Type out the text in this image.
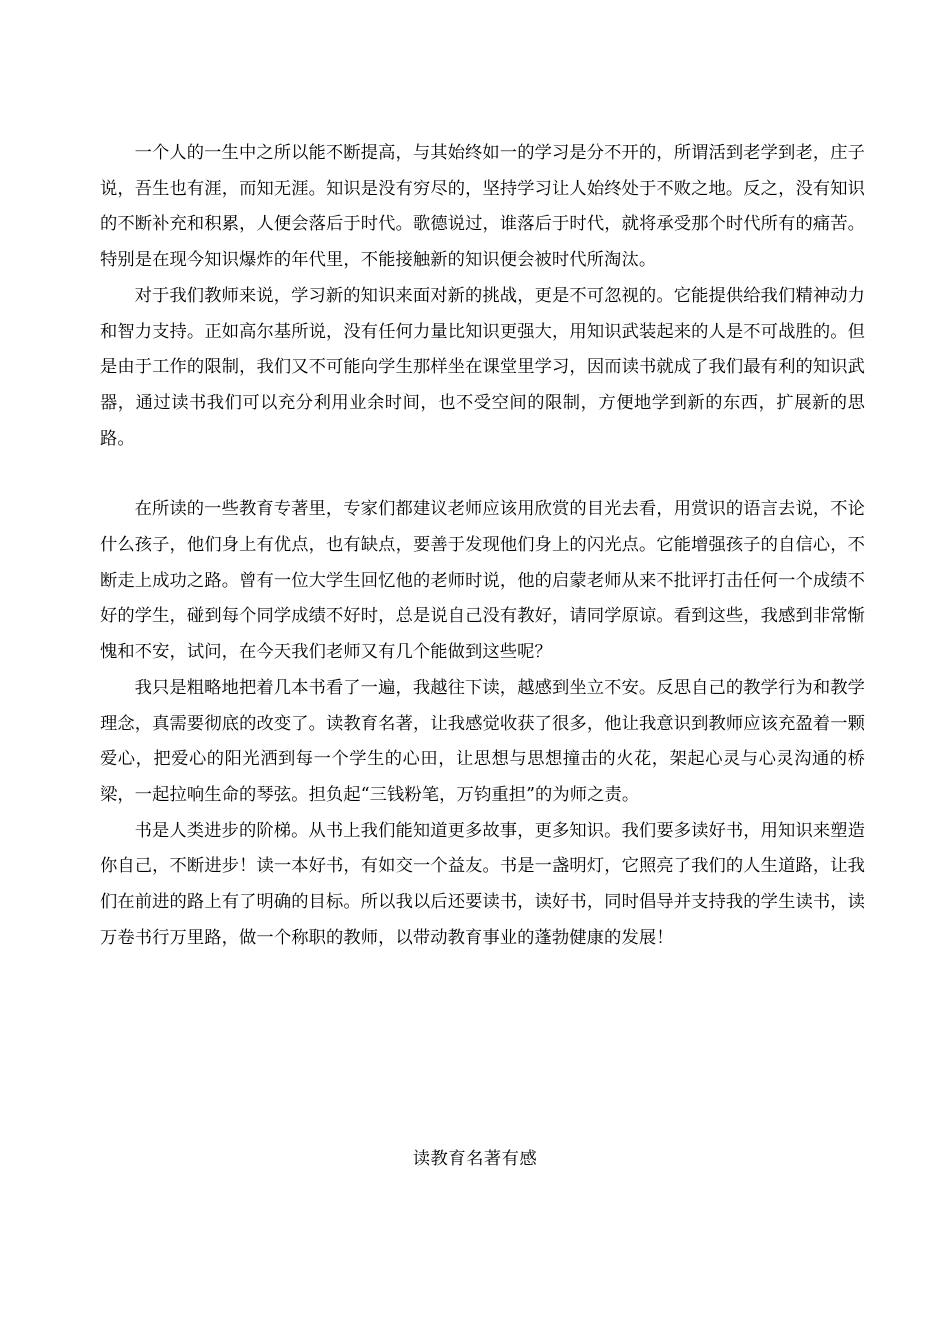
一个人的一生中之所以能不断提高，与其始终如一的学习是分不开的，所谓活到老学到老，庄子说，吾生也有涯，而知无涯。知识是没有穷尽的，坚持学习让人始终处于不败之地。反之，没有知识的不断补充和积累，人便会落后于时代。歌德说过，谁落后于时代，就将承受那个时代所有的痛苦。特别是在现今知识爆炸的年代里，不能接触新的知识便会被时代所淘汰。

对于我们教师来说，学习新的知识来面对新的挑战，更是不可忽视的。它能提供给我们精神动力和智力支持。正如高尔基所说，没有任何力量比知识更强大，用知识武装起来的人是不可战胜的。但是由于工作的限制，我们又不可能向学生那样坐在课堂里学习，因而读书就成了我们最有利的知识武器，通过读书我们可以充分利用业余时间，也不受空间的限制，方便地学到新的东西，扩展新的思路。

在所读的一些教育专著里，专家们都建议老师应该用欣赏的目光去看，用赏识的语言去说，不论什么孩子，他们身上有优点，也有缺点，要善于发现他们身上的闪光点。它能增强孩子的自信心，不断走上成功之路。曾有一位大学生回忆他的老师时说，他的启蒙老师从来不批评打击任何一个成绩不好的学生，碰到每个同学成绩不好时，总是说自己没有教好，请同学原谅。看到这些，我感到非常惭愧和不安，试问，在今天我们老师又有几个能做到这些呢？

我只是粗略地把着几本书看了一遍，我越往下读，越感到坐立不安。反思自己的教学行为和教学理念，真需要彻底的改变了。读教育名著，让我感觉收获了很多，他让我意识到教师应该充盈着一颗爱心，把爱心的阳光洒到每一个学生的心田，让思想与思想撞击的火花，架起心灵与心灵沟通的桥梁，一起拉响生命的琴弦。担负起“三钱粉笔，万钧重担”的为师之责。

书是人类进步的阶梯。从书上我们能知道更多故事，更多知识。我们要多读好书，用知识来塑造你自己，不断进步！读一本好书，有如交一个益友。书是一盏明灯，它照亮了我们的人生道路，让我们在前进的路上有了明确的目标。所以我以后还要读书，读好书，同时倡导并支持我的学生读书，读万卷书行万里路，做一个称职的教师，以带动教育事业的蓬勃健康的发展！

读教育名著有感
